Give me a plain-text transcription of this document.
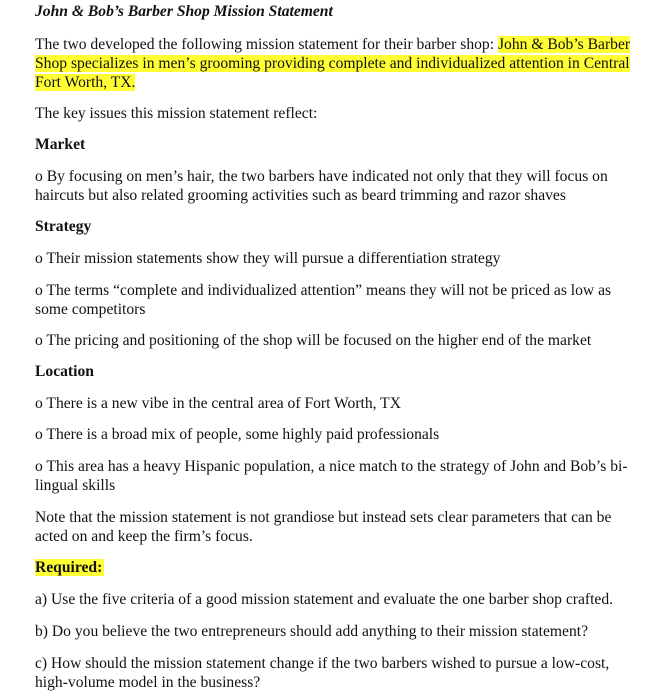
John & Bob’s Barber Shop Mission Statement
The two developed the following mission statement for their barber shop: John & Bob’s Barber
Shop specializes in men’s grooming providing complete and individualized attention in Central
Fort Worth, TX.
The key issues this mission statement reflect:
Market
o By focusing on men’s hair, the two barbers have indicated not only that they will focus on
haircuts but also related grooming activities such as beard trimming and razor shaves
Strategy
o Their mission statements show they will pursue a differentiation strategy
o The terms “complete and individualized attention” means they will not be priced as low as
some competitors
o The pricing and positioning of the shop will be focused on the higher end of the market
Location
o There is a new vibe in the central area of Fort Worth, TX
o There is a broad mix of people, some highly paid professionals
o This area has a heavy Hispanic population, a nice match to the strategy of John and Bob’s bi-
lingual skills
Note that the mission statement is not grandiose but instead sets clear parameters that can be
acted on and keep the firm’s focus.
Required:
a) Use the five criteria of a good mission statement and evaluate the one barber shop crafted.
b) Do you believe the two entrepreneurs should add anything to their mission statement?
c) How should the mission statement change if the two barbers wished to pursue a low-cost,
high-volume model in the business?
